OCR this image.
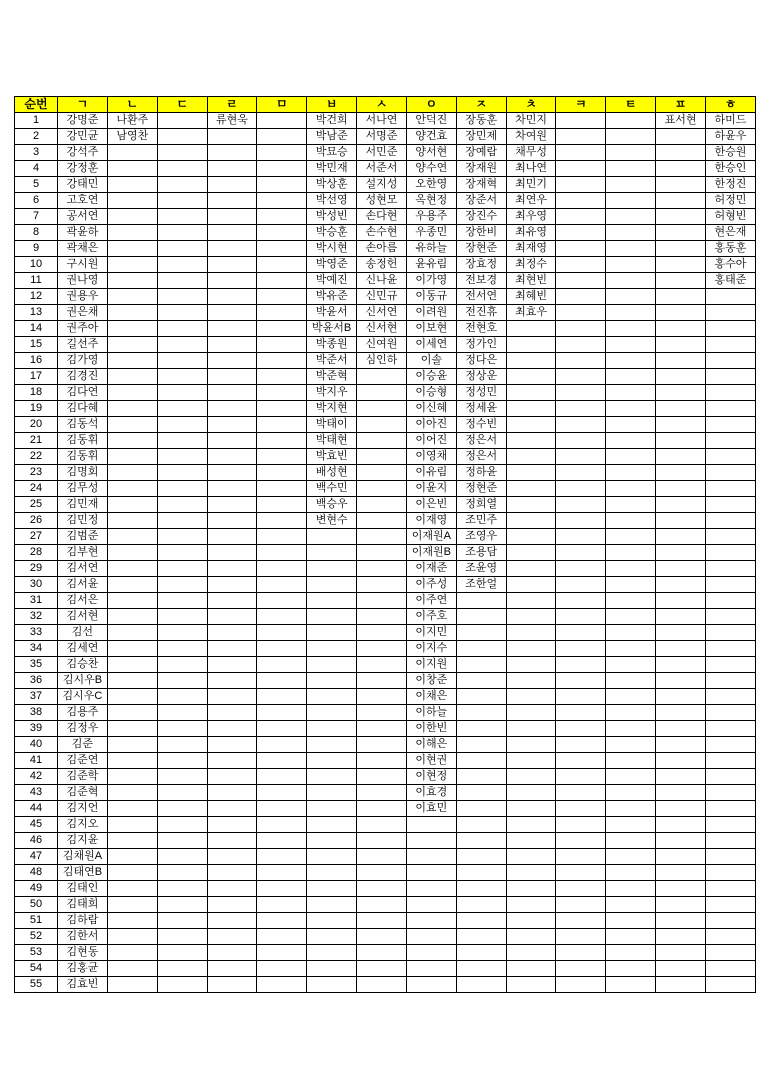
순번	ㄱ	ㄴ	ㄷ	ㄹ	ㅁ	ㅂ	ㅅ	ㅇ	ㅈ	ㅊ	ㅋ	ㅌ	ㅍ	ㅎ
1	강명준	나환주		류현욱		박건희	서나연	안덕진	장동훈	차민지			표서현	하미드
2	강민균	남영찬				박남준	서명준	양건효	장민제	차여원				하윤우
3	강석주					박묘승	서민준	양서현	장예람	채무성				한승원
4	강정훈					박민재	서준서	양수연	장재원	최나연				한승인
5	강태민					박상훈	설지성	오한영	장재혁	최민기				한정진
6	고호연					박선영	성현모	옥현정	장준서	최연우				허정민
7	공서연					박성빈	손다현	우용주	장진수	최우영				허형빈
8	곽윤하					박승훈	손수현	우종민	장한비	최유영				현은재
9	곽채은					박시현	손아름	유하늘	장현준	최재영				홍동훈
10	구시원					박영준	송정헌	윤유림	장효정	최정수				홍수아
11	권나영					박예진	신나윤	이가영	전보경	최현빈				홍태준
12	권용우					박유준	신민규	이동규	전서연	최혜빈				
13	권은채					박윤서	신서연	이려원	전진휴	최효우				
14	권주아					박윤서B	신서현	이보현	전현호					
15	길선주					박종원	신여원	이세연	정가인					
16	김가영					박준서	심인하	이솔	정다은					
17	김경진					박준혁		이승윤	정상운					
18	김다연					박지우		이승형	정성민					
19	김다혜					박지현		이신혜	정세윤					
20	김동석					박태이		이아진	정수빈					
21	김동휘					박태현		이어진	정은서					
22	김동휘					박효빈		이영채	정은서					
23	김명회					배성현		이유림	정하윤					
24	김무성					백수민		이윤지	정현준					
25	김민재					백승우		이은빈	정희열					
26	김민정					변현수		이재영	조민주					
27	김범준							이재원A	조영우					
28	김부현							이재원B	조용담					
29	김서연							이재준	조윤영					
30	김서윤							이주성	조한얼					
31	김서은							이주연						
32	김서현							이주호						
33	김선							이지민						
34	김세연							이지수						
35	김승찬							이지원						
36	김시우B							이창준						
37	김시우C							이채은						
38	김용주							이하늘						
39	김정우							이한빈						
40	김준							이해은						
41	김준연							이현권						
42	김준학							이현정						
43	김준혁							이효경						
44	김지언							이효민						
45	김지오													
46	김지윤													
47	김채원A													
48	김태연B													
49	김태인													
50	김태희													
51	김하람													
52	김한서													
53	김현동													
54	김홍균													
55	김효빈													
